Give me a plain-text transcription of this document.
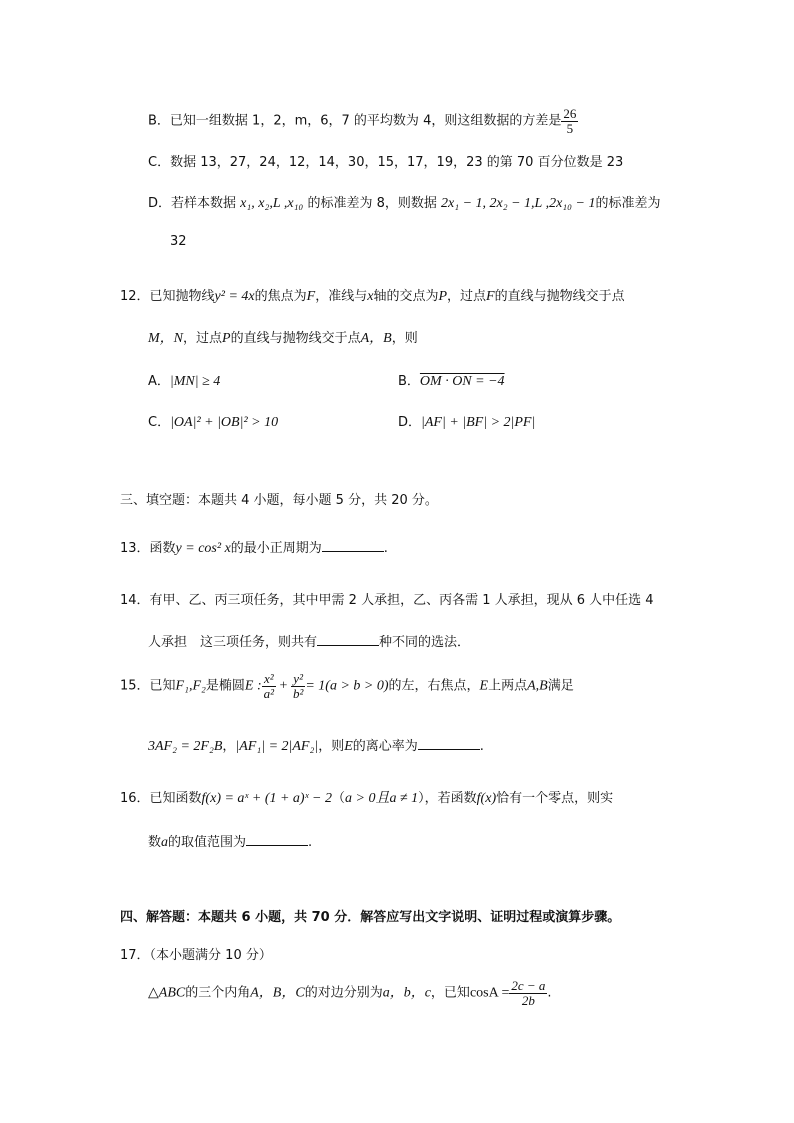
B．已知一组数据 1，2，m，6，7 的平均数为 4，则这组数据的方差是 $\frac{26}{5}$
C．数据 13，27，24，12，14，30，15，17，19，23 的第 70 百分位数是 23
D．若样本数据 x₁, x₂,L ,x₁₀ 的标准差为 8，则数据 2x₁ − 1, 2x₂ − 1,L ,2x₁₀ − 1的标准差为
32
12．已知抛物线y² = 4x的焦点为F，准线与x轴的交点为P，过点F的直线与抛物线交于点
M，N，过点P的直线与抛物线交于点A，B，则
A．|MN| ≥ 4	B．OM · ON = −4
C．|OA|² + |OB|² > 10	D．|AF| + |BF| > 2|PF|
三、填空题：本题共 4 小题，每小题 5 分，共 20 分。
13．函数y = cos² x的最小正周期为	.
14．有甲、乙、丙三项任务，其中甲需 2 人承担，乙、丙各需 1 人承担，现从 6 人中任选 4
人承担　这三项任务，则共有	种不同的选法．
15．已知F₁,F₂是椭圆E : $\frac{\text{x²}}{\text{a²}} + \frac{\text{y²}}{\text{b²}} = 1(a > b > 0)$的左，右焦点，E上两点A,B满足
3AF₂ = 2F₂B，|AF₁| = 2|AF₂|，则E的离心率为	.
16．已知函数f(x) = aˣ + (1 + a)ˣ − 2（a > 0且a ≠ 1），若函数f(x)恰有一个零点，则实
数a的取值范围为	.
四、解答题：本题共 6 小题，共 70 分．解答应写出文字说明、证明过程或演算步骤。
17．（本小题满分 10 分）
△ABC的三个内角A，B，C的对边分别为a，b，c，已知$\cos A = \frac{2c - a}{2b}$ .
